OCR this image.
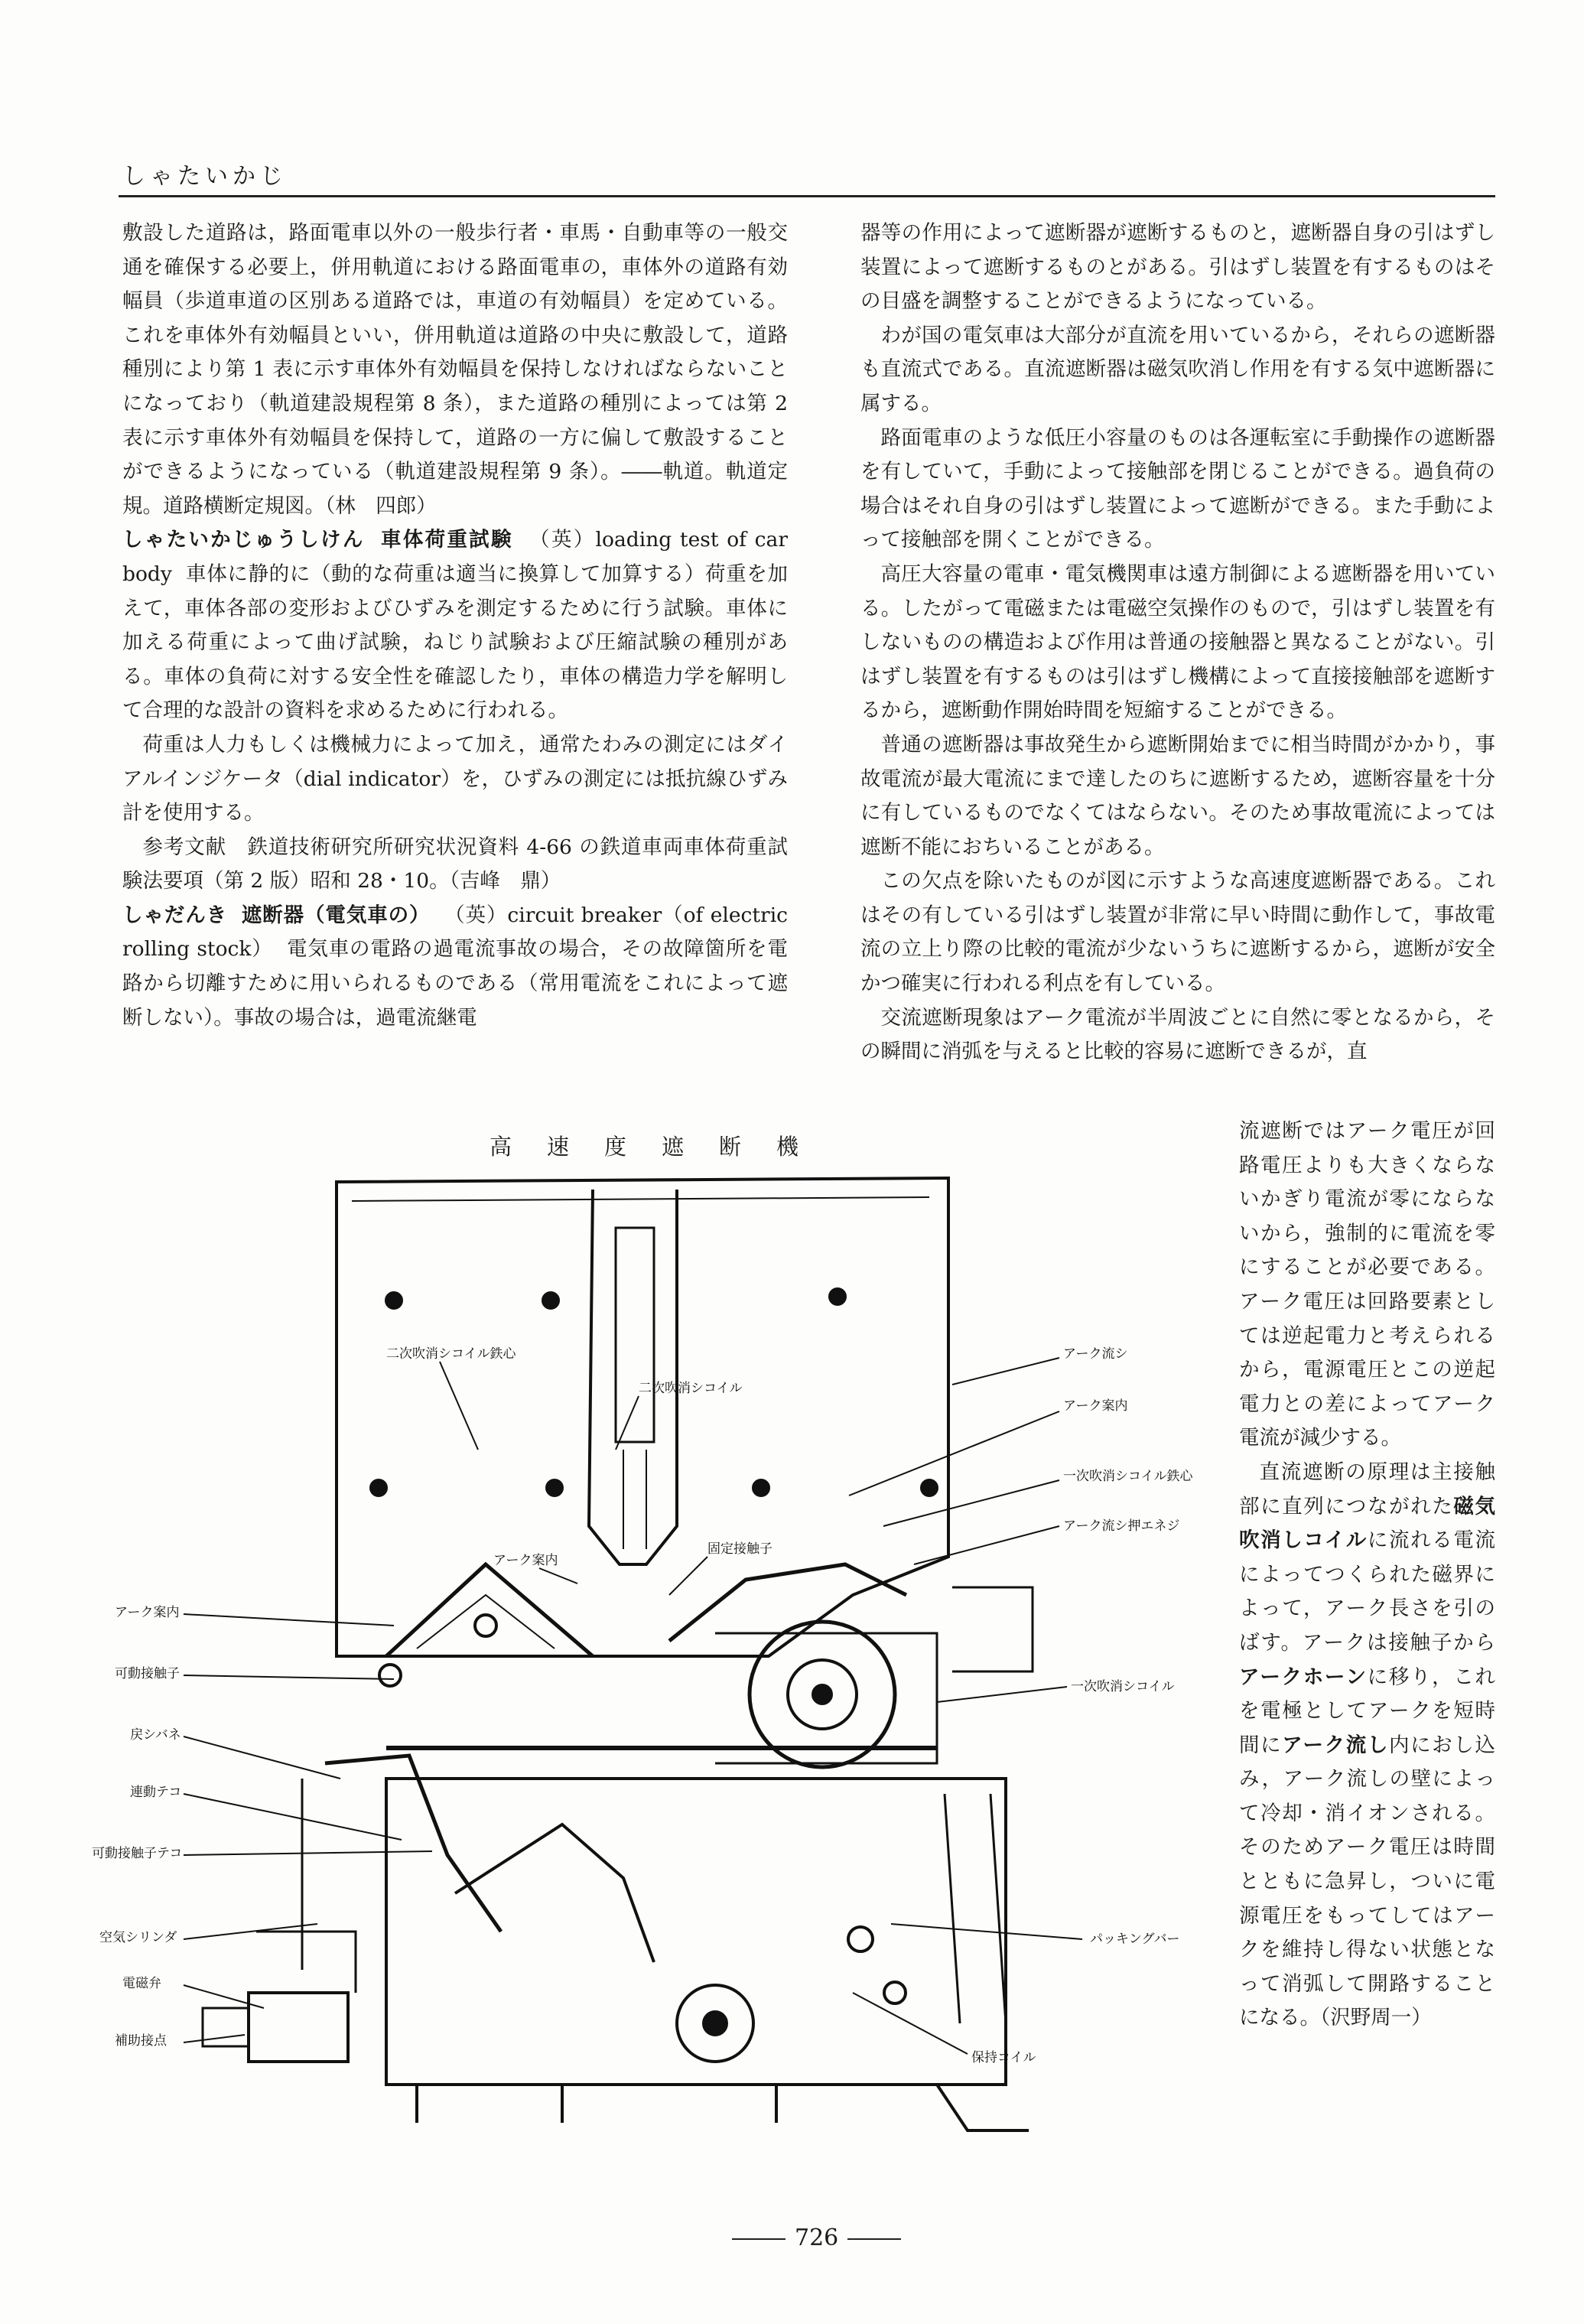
しゃたいかじ

敷設した道路は，路面電車以外の一般歩行者・車馬・自動車等の一般交通を確保する必要上，併用軌道における路面電車の，車体外の道路有効幅員（歩道車道の区別ある道路では，車道の有効幅員）を定めている。これを車体外有効幅員といい，併用軌道は道路の中央に敷設して，道路種別により第 1 表に示す車体外有効幅員を保持しなければならないことになっており（軌道建設規程第 8 条），また道路の種別によっては第 2 表に示す車体外有効幅員を保持して，道路の一方に偏して敷設することができるようになっている（軌道建設規程第 9 条）。――軌道。軌道定規。道路横断定規図。（林　四郎）

しゃたいかじゅうしけん 車体荷重試験 （英）loading test of car body 車体に静的に（動的な荷重は適当に換算して加算する）荷重を加えて，車体各部の変形およびひずみを測定するために行う試験。車体に加える荷重によって曲げ試験，ねじり試験および圧縮試験の種別がある。車体の負荷に対する安全性を確認したり，車体の構造力学を解明して合理的な設計の資料を求めるために行われる。

荷重は人力もしくは機械力によって加え，通常たわみの測定にはダイアルインジケータ（dial indicator）を，ひずみの測定には抵抗線ひずみ計を使用する。

参考文献　鉄道技術研究所研究状況資料 4-66 の鉄道車両車体荷重試験法要項（第 2 版）昭和 28・10。（吉峰　鼎）

しゃだんき 遮断器（電気車の） （英）circuit breaker（of electric rolling stock） 電気車の電路の過電流事故の場合，その故障箇所を電路から切離すために用いられるものである（常用電流をこれによって遮断しない）。事故の場合は，過電流継電

器等の作用によって遮断器が遮断するものと，遮断器自身の引はずし装置によって遮断するものとがある。引はずし装置を有するものはその目盛を調整することができるようになっている。

わが国の電気車は大部分が直流を用いているから，それらの遮断器も直流式である。直流遮断器は磁気吹消し作用を有する気中遮断器に属する。

路面電車のような低圧小容量のものは各運転室に手動操作の遮断器を有していて，手動によって接触部を閉じることができる。過負荷の場合はそれ自身の引はずし装置によって遮断ができる。また手動によって接触部を開くことができる。

高圧大容量の電車・電気機関車は遠方制御による遮断器を用いている。したがって電磁または電磁空気操作のもので，引はずし装置を有しないものの構造および作用は普通の接触器と異なることがない。引はずし装置を有するものは引はずし機構によって直接接触部を遮断するから，遮断動作開始時間を短縮することができる。

普通の遮断器は事故発生から遮断開始までに相当時間がかかり，事故電流が最大電流にまで達したのちに遮断するため，遮断容量を十分に有しているものでなくてはならない。そのため事故電流によっては遮断不能におちいることがある。

この欠点を除いたものが図に示すような高速度遮断器である。これはその有している引はずし装置が非常に早い時間に動作して，事故電流の立上り際の比較的電流が少ないうちに遮断するから，遮断が安全かつ確実に行われる利点を有している。

交流遮断現象はアーク電流が半周波ごとに自然に零となるから，その瞬間に消弧を与えると比較的容易に遮断できるが，直

流遮断ではアーク電圧が回路電圧よりも大きくならないかぎり電流が零にならないから，強制的に電流を零にすることが必要である。アーク電圧は回路要素としては逆起電力と考えられるから，電源電圧とこの逆起電力との差によってアーク電流が減少する。

直流遮断の原理は主接触部に直列につながれた磁気吹消しコイルに流れる電流によってつくられた磁界によって，アーク長さを引のばす。アークは接触子からアークホーンに移り，これを電極としてアークを短時間にアーク流し内におし込み，アーク流しの壁によって冷却・消イオンされる。そのためアーク電圧は時間とともに急昇し，ついに電源電圧をもってしてはアークを維持し得ない状態となって消弧して開路することになる。（沢野周一）

高速度遮断機
アーク流シ
アーク案内
一次吹消シコイル鉄心
アーク流シ押エネジ
二次吹消シコイル鉄心
二次吹消シコイル
アーク案内
固定接触子
アーク案内
可動接触子
戻シバネ
連動テコ
可動接触子テコ
空気シリンダ
電磁弁
補助接点
一次吹消シコイル
パッキングバー
保持コイル
726
